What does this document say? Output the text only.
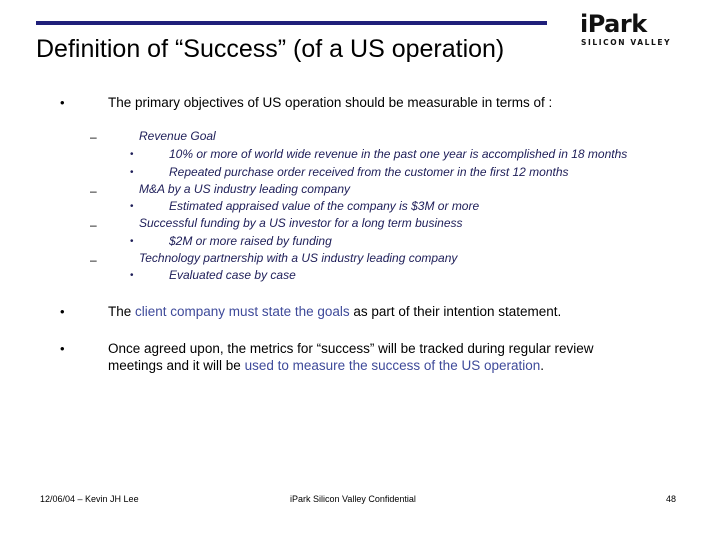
Definition of “Success” (of a US operation)
iPark
SILICON VALLEY
•	The primary objectives of US operation should be measurable in terms of :
–	Revenue Goal
•	10% or more of world wide revenue in the past one year is accomplished in 18 months
•	Repeated purchase order received from the customer in the first 12 months
–	M&A by a US industry leading company
•	Estimated appraised value of the company is $3M or more
–	Successful funding by a US investor for a long term business
•	$2M or more raised by funding
–	Technology partnership with a US industry leading company
•	Evaluated case by case
•	The client company must state the goals as part of their intention statement.
•	Once agreed upon, the metrics for “success” will be tracked during regular review
meetings and it will be used to measure the success of the US operation.
12/06/04 – Kevin JH Lee	iPark Silicon Valley Confidential	48
